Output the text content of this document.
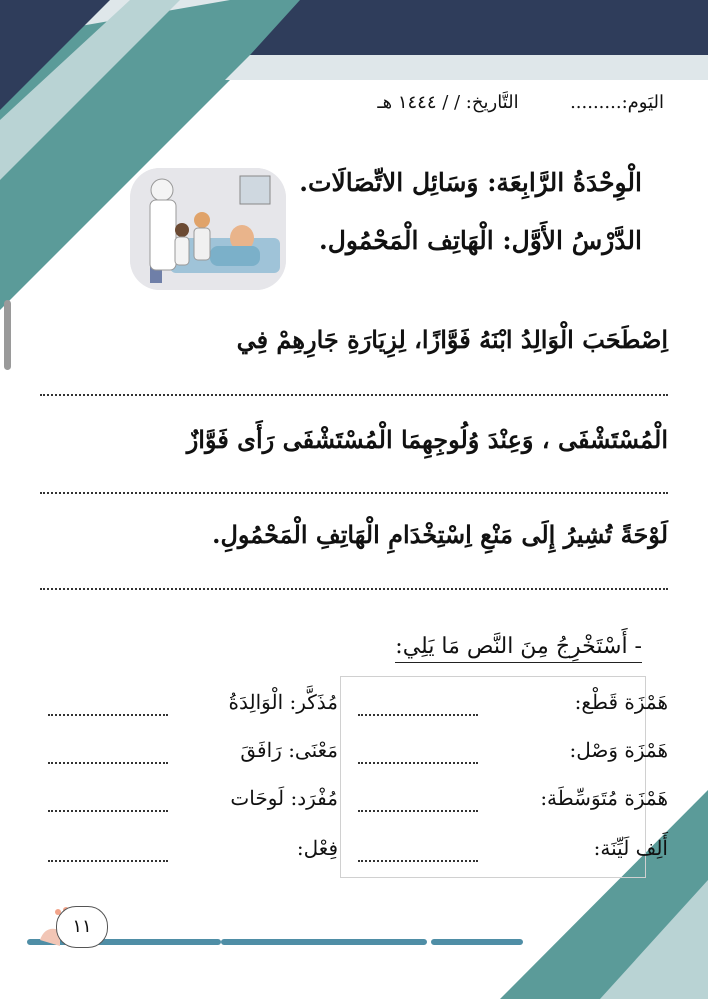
اليَوم:.........  التَّاريخ: / / ١٤٤٤ هـ
الْوِحْدَةُ الرَّابِعَة: وَسَائِل الاتِّصَالَات.
الدَّرْسُ الأَوَّل: الْهَاتِف الْمَحْمُول.
اِصْطَحَبَ الْوَالِدُ ابْنَهُ فَوَّازًا، لِزِيَارَةِ جَارِهِمْ فِي
الْمُسْتَشْفَى ، وَعِنْدَ وُلُوجِهِمَا الْمُسْتَشْفَى رَأَى فَوَّازٌ
لَوْحَةً تُشِيرُ إِلَى مَنْعِ اِسْتِخْدَامِ الْهَاتِفِ الْمَحْمُولِ.
- أَسْتَخْرِجُ مِنَ النَّص مَا يَلِي:
هَمْزَة قَطْع:
مُذَكَّر: الْوَالِدَةُ
هَمْزَة وَصْل:
مَعْنَى: رَافَقَ
هَمْزَة مُتَوَسِّطَة:
مُفْرَد: لَوحَات
أَلِف لَيِّنَة:
فِعْل:
١١
